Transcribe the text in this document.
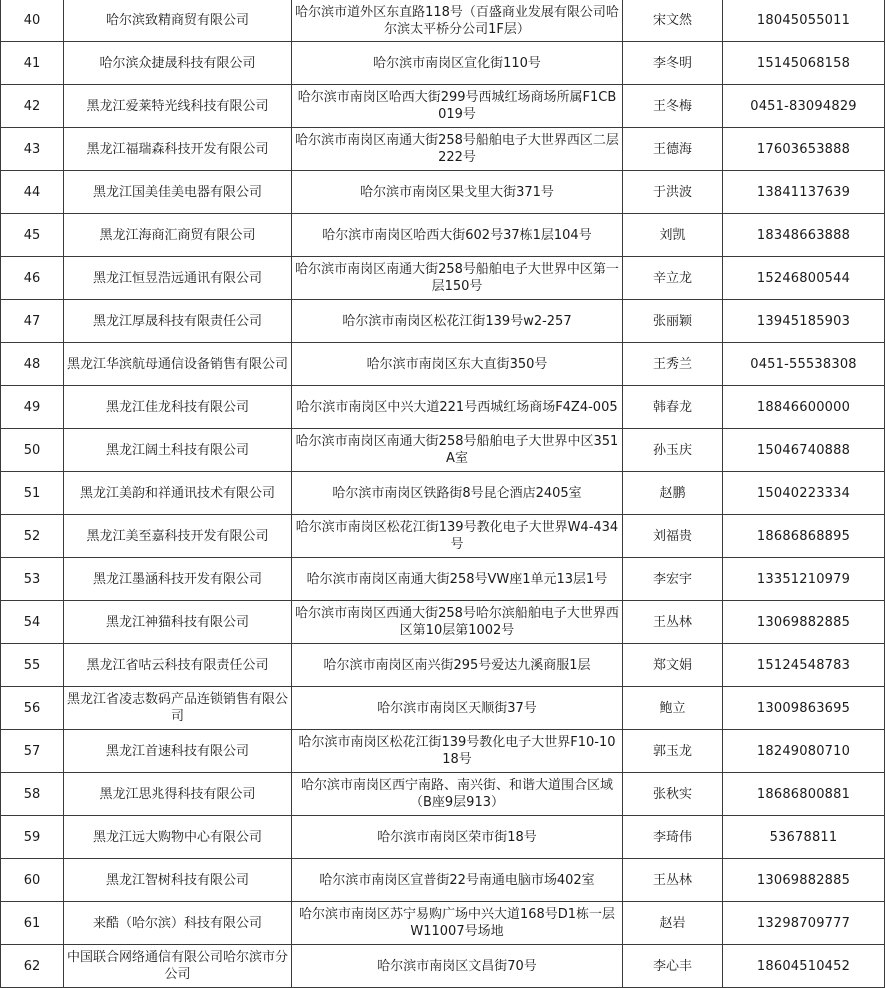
40	哈尔滨致精商贸有限公司	哈尔滨市道外区东直路118号（百盛商业发展有限公司哈尔滨太平桥分公司1F层）	宋文然	18045055011
41	哈尔滨众捷晟科技有限公司	哈尔滨市南岗区宣化街110号	李冬明	15145068158
42	黑龙江爱莱特光线科技有限公司	哈尔滨市南岗区哈西大街299号西城红场商场所属F1CB019号	王冬梅	0451-83094829
43	黑龙江福瑞森科技开发有限公司	哈尔滨市南岗区南通大街258号船舶电子大世界西区二层222号	王德海	17603653888
44	黑龙江国美佳美电器有限公司	哈尔滨市南岗区果戈里大街371号	于洪波	13841137639
45	黑龙江海商汇商贸有限公司	哈尔滨市南岗区哈西大街602号37栋1层104号	刘凯	18348663888
46	黑龙江恒昱浩远通讯有限公司	哈尔滨市南岗区南通大街258号船舶电子大世界中区第一层150号	辛立龙	15246800544
47	黑龙江厚晟科技有限责任公司	哈尔滨市南岗区松花江街139号w2-257	张丽颖	13945185903
48	黑龙江华滨航母通信设备销售有限公司	哈尔滨市南岗区东大直街350号	王秀兰	0451-55538308
49	黑龙江佳龙科技有限公司	哈尔滨市南岗区中兴大道221号西城红场商场F4Z4-005	韩春龙	18846600000
50	黑龙江阔土科技有限公司	哈尔滨市南岗区南通大街258号船舶电子大世界中区351A室	孙玉庆	15046740888
51	黑龙江美韵和祥通讯技术有限公司	哈尔滨市南岗区铁路街8号昆仑酒店2405室	赵鹏	15040223334
52	黑龙江美至嘉科技开发有限公司	哈尔滨市南岗区松花江街139号教化电子大世界W4-434号	刘福贵	18686868895
53	黑龙江墨涵科技开发有限公司	哈尔滨市南岗区南通大街258号VW座1单元13层1号	李宏宇	13351210979
54	黑龙江神猫科技有限公司	哈尔滨市南岗区西通大街258号哈尔滨船舶电子大世界西区第10层第1002号	王丛林	13069882885
55	黑龙江省咕云科技有限责任公司	哈尔滨市南岗区南兴街295号爱达九溪商服1层	郑文娟	15124548783
56	黑龙江省凌志数码产品连锁销售有限公司	哈尔滨市南岗区天顺街37号	鲍立	13009863695
57	黑龙江首速科技有限公司	哈尔滨市南岗区松花江街139号教化电子大世界F10-1018号	郭玉龙	18249080710
58	黑龙江思兆得科技有限公司	哈尔滨市南岗区西宁南路、南兴街、和谐大道围合区域（B座9层913）	张秋实	18686800881
59	黑龙江远大购物中心有限公司	哈尔滨市南岗区荣市街18号	李琦伟	53678811
60	黑龙江智树科技有限公司	哈尔滨市南岗区宣普街22号南通电脑市场402室	王丛林	13069882885
61	来酷（哈尔滨）科技有限公司	哈尔滨市南岗区苏宁易购广场中兴大道168号D1栋一层W11007号场地	赵岩	13298709777
62	中国联合网络通信有限公司哈尔滨市分公司	哈尔滨市南岗区文昌街70号	李心丰	18604510452
